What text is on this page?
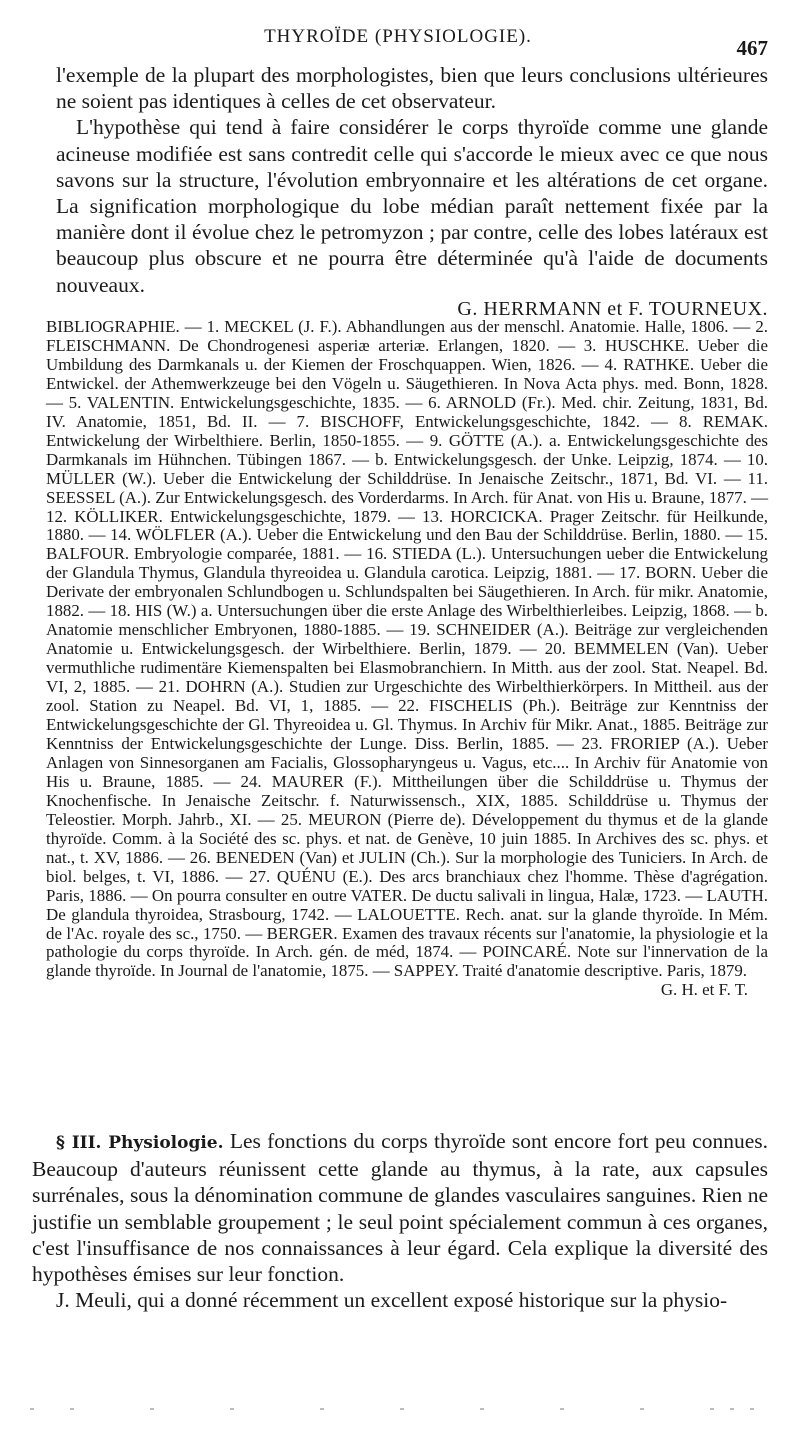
THYROÏDE (PHYSIOLOGIE).	467

l'exemple de la plupart des morphologistes, bien que leurs conclusions ultérieures ne soient pas identiques à celles de cet observateur.

L'hypothèse qui tend à faire considérer le corps thyroïde comme une glande acineuse modifiée est sans contredit celle qui s'accorde le mieux avec ce que nous savons sur la structure, l'évolution embryonnaire et les altérations de cet organe. La signification morphologique du lobe médian paraît nettement fixée par la manière dont il évolue chez le petromyzon ; par contre, celle des lobes latéraux est beaucoup plus obscure et ne pourra être déterminée qu'à l'aide de documents nouveaux.

G. HERRMANN et F. TOURNEUX.

BIBLIOGRAPHIE. — 1. MECKEL (J. F.). Abhandlungen aus der menschl. Anatomie. Halle, 1806. — 2. FLEISCHMANN. De Chondrogenesi asperiæ arteriæ. Erlangen, 1820. — 3. HUSCHKE. Ueber die Umbildung des Darmkanals u. der Kiemen der Froschquappen. Wien, 1826. — 4. RATHKE. Ueber die Entwickel. der Athemwerkzeuge bei den Vögeln u. Säugethieren. In Nova Acta phys. med. Bonn, 1828. — 5. VALENTIN. Entwickelungsgeschichte, 1835. — 6. ARNOLD (Fr.). Med. chir. Zeitung, 1831, Bd. IV. Anatomie, 1851, Bd. II. — 7. BISCHOFF, Entwickelungsgeschichte, 1842. — 8. REMAK. Entwickelung der Wirbelthiere. Berlin, 1850-1855. — 9. GÖTTE (A.). a. Entwickelungsgeschichte des Darmkanals im Hühnchen. Tübingen 1867. — b. Entwickelungsgesch. der Unke. Leipzig, 1874. — 10. MÜLLER (W.). Ueber die Entwickelung der Schilddrüse. In Jenaische Zeitschr., 1871, Bd. VI. — 11. SEESSEL (A.). Zur Entwickelungsgesch. des Vorderdarms. In Arch. für Anat. von His u. Braune, 1877. — 12. KÖLLIKER. Entwickelungsgeschichte, 1879. — 13. HORCICKA. Prager Zeitschr. für Heilkunde, 1880. — 14. WÖLFLER (A.). Ueber die Entwickelung und den Bau der Schilddrüse. Berlin, 1880. — 15. BALFOUR. Embryologie comparée, 1881. — 16. STIEDA (L.). Untersuchungen ueber die Entwickelung der Glandula Thymus, Glandula thyreoidea u. Glandula carotica. Leipzig, 1881. — 17. BORN. Ueber die Derivate der embryonalen Schlundbogen u. Schlundspalten bei Säugethieren. In Arch. für mikr. Anatomie, 1882. — 18. HIS (W.) a. Untersuchungen über die erste Anlage des Wirbelthierleibes. Leipzig, 1868. — b. Anatomie menschlicher Embryonen, 1880-1885. — 19. SCHNEIDER (A.). Beiträge zur vergleichenden Anatomie u. Entwickelungsgesch. der Wirbelthiere. Berlin, 1879. — 20. BEMMELEN (Van). Ueber vermuthliche rudimentäre Kiemenspalten bei Elasmobranchiern. In Mitth. aus der zool. Stat. Neapel. Bd. VI, 2, 1885. — 21. DOHRN (A.). Studien zur Urgeschichte des Wirbelthierkörpers. In Mittheil. aus der zool. Station zu Neapel. Bd. VI, 1, 1885. — 22. FISCHELIS (Ph.). Beiträge zur Kenntniss der Entwickelungsgeschichte der Gl. Thyreoidea u. Gl. Thymus. In Archiv für Mikr. Anat., 1885. Beiträge zur Kenntniss der Entwickelungsgeschichte der Lunge. Diss. Berlin, 1885. — 23. FRORIEP (A.). Ueber Anlagen von Sinnesorganen am Facialis, Glossopharyngeus u. Vagus, etc.... In Archiv für Anatomie von His u. Braune, 1885. — 24. MAURER (F.). Mittheilungen über die Schilddrüse u. Thymus der Knochenfische. In Jenaische Zeitschr. f. Naturwissensch., XIX, 1885. Schilddrüse u. Thymus der Teleostier. Morph. Jahrb., XI. — 25. MEURON (Pierre de). Développement du thymus et de la glande thyroïde. Comm. à la Société des sc. phys. et nat. de Genève, 10 juin 1885. In Archives des sc. phys. et nat., t. XV, 1886. — 26. BENEDEN (Van) et JULIN (Ch.). Sur la morphologie des Tuniciers. In Arch. de biol. belges, t. VI, 1886. — 27. QUÉNU (E.). Des arcs branchiaux chez l'homme. Thèse d'agrégation. Paris, 1886. — On pourra consulter en outre VATER. De ductu salivali in lingua, Halæ, 1723. — LAUTH. De glandula thyroidea, Strasbourg, 1742. — LALOUETTE. Rech. anat. sur la glande thyroïde. In Mém. de l'Ac. royale des sc., 1750. — BERGER. Examen des travaux récents sur l'anatomie, la physiologie et la pathologie du corps thyroïde. In Arch. gén. de méd, 1874. — POINCARÉ. Note sur l'innervation de la glande thyroïde. In Journal de l'anatomie, 1875. — SAPPEY. Traité d'anatomie descriptive. Paris, 1879.

G. H. et F. T.

§ III. Physiologie. Les fonctions du corps thyroïde sont encore fort peu connues. Beaucoup d'auteurs réunissent cette glande au thymus, à la rate, aux capsules surrénales, sous la dénomination commune de glandes vasculaires sanguines. Rien ne justifie un semblable groupement ; le seul point spécialement commun à ces organes, c'est l'insuffisance de nos connaissances à leur égard. Cela explique la diversité des hypothèses émises sur leur fonction.

J. Meuli, qui a donné récemment un excellent exposé historique sur la physio-
